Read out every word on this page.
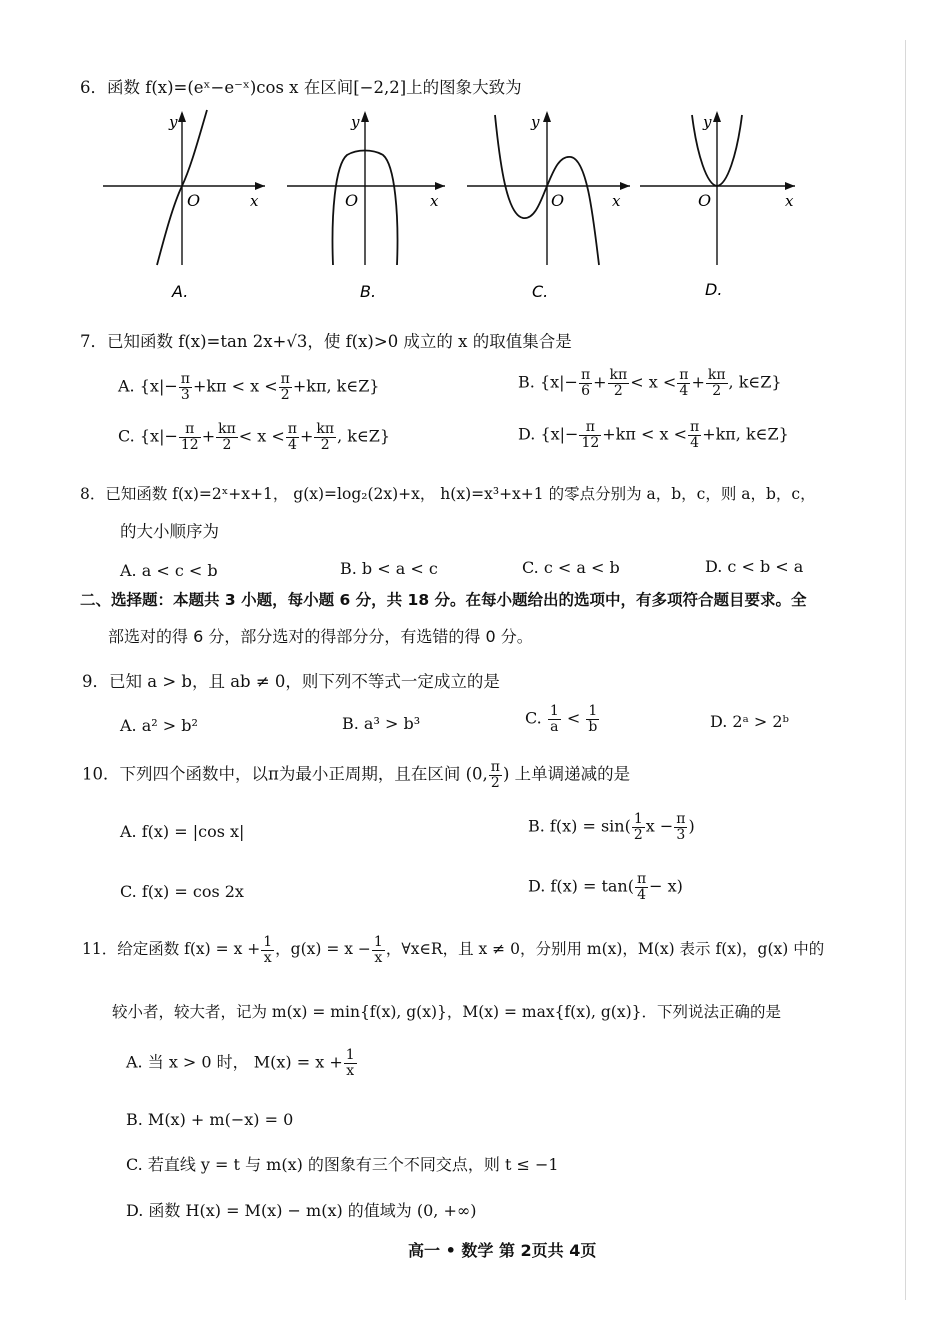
6．函数 f(x)=(eˣ−e⁻ˣ)cos x 在区间[−2,2]上的图象大致为
y
O	x
A.
y
O	x
B.
y
O	x
C.
y
O	x
D.
7．已知函数 f(x)=tan 2x+√3，使 f(x)>0 成立的 x 的取值集合是
A. {$x|- \frac{\pi}{3} +k\pi < x < \frac{\pi}{2} +k\pi$, k∈Z}	B. {$x|- \frac{\pi}{6} + \frac{k\pi}{2} < x < \frac{\pi}{4} + \frac{k\pi}{2}$ , k∈Z}
C. {$x|- \frac{\pi}{12} + \frac{k\pi}{2} < x < \frac{\pi}{4} + \frac{k\pi}{2}$ , k∈Z}	D. {$x|- \frac{\pi}{12} +k\pi < x < \frac{\pi}{4} +k\pi$, k∈Z}
8．已知函数 f(x)=2ˣ+x+1， g(x)=log₂(2x)+x， h(x)=x³+x+1 的零点分别为 a，b，c，则 a，b，c，
的大小顺序为
A. a < c < b	B. b < a < c	C. c < a < b	D. c < b < a
二、选择题：本题共 3 小题，每小题 6 分，共 18 分。在每小题给出的选项中，有多项符合题目要求。全
部选对的得 6 分，部分选对的得部分分，有选错的得 0 分。
9．已知 a > b，且 ab ≠ 0，则下列不等式一定成立的是
A. a² > b²	B. a³ > b³	C. $\frac{1}{a} < \frac{1}{b}$	D. 2ᵃ > 2ᵇ
10．下列四个函数中，以π为最小正周期，且在区间 (0, $\frac{\pi}{2}$ ) 上单调递减的是
A. f(x) = |cos x|	B. $f(x) = \sin( \frac{1}{2}$ $x - \frac{\pi}{3}$ )
C. f(x) = cos 2x	D. $f(x) = \tan( \frac{\pi}{4} - x)$
11．给定函数 $f(x) = x + \frac{1}{x}$ ，$g(x) = x - \frac{1}{x}$ ，∀x∈R，且 x ≠ 0，分别用 m(x)，M(x) 表示 f(x)，g(x) 中的
较小者，较大者，记为 m(x) = min{f(x), g(x)}，M(x) = max{f(x), g(x)}．下列说法正确的是
A. 当 x > 0 时， $M(x) = x + \frac{1}{x}$
B. M(x) + m(−x) = 0
C. 若直线 y = t 与 m(x) 的图象有三个不同交点，则 t ≤ −1
D. 函数 H(x) = M(x) − m(x) 的值域为 (0, +∞)
高一 • 数学 第 2页共 4页
